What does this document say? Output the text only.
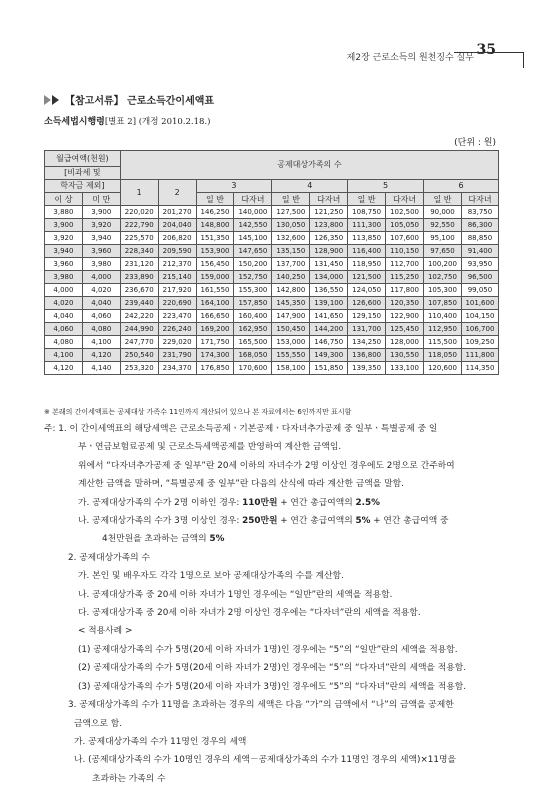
제2장 근로소득의 원천징수 실무 35
【참고서류】 근로소득간이세액표
소득세법시행령[별표 2] (개정 2010.2.18.)
(단위 : 원)
월급여액(천원)		공제대상가족의 수									
[비과세 및											
학자금 제외]		1	2	3		4		5		6	
이 상	미 만			일 반	다자녀	일 반	다자녀	일 반	다자녀	일 반	다자녀
3,880	3,900	220,020	201,270	146,250	140,000	127,500	121,250	108,750	102,500	90,000	83,750
3,900	3,920	222,790	204,040	148,800	142,550	130,050	123,800	111,300	105,050	92,550	86,300
3,920	3,940	225,570	206,820	151,350	145,100	132,600	126,350	113,850	107,600	95,100	88,850
3,940	3,960	228,340	209,590	153,900	147,650	135,150	128,900	116,400	110,150	97,650	91,400
3,960	3,980	231,120	212,370	156,450	150,200	137,700	131,450	118,950	112,700	100,200	93,950
3,980	4,000	233,890	215,140	159,000	152,750	140,250	134,000	121,500	115,250	102,750	96,500
4,000	4,020	236,670	217,920	161,550	155,300	142,800	136,550	124,050	117,800	105,300	99,050
4,020	4,040	239,440	220,690	164,100	157,850	145,350	139,100	126,600	120,350	107,850	101,600
4,040	4,060	242,220	223,470	166,650	160,400	147,900	141,650	129,150	122,900	110,400	104,150
4,060	4,080	244,990	226,240	169,200	162,950	150,450	144,200	131,700	125,450	112,950	106,700
4,080	4,100	247,770	229,020	171,750	165,500	153,000	146,750	134,250	128,000	115,500	109,250
4,100	4,120	250,540	231,790	174,300	168,050	155,550	149,300	136,800	130,550	118,050	111,800
4,120	4,140	253,320	234,370	176,850	170,600	158,100	151,850	139,350	133,100	120,600	114,350
※ 본래의 간이세액표는 공제대상 가족수 11인까지 계산되어 있으나 본 자료에서는 6인까지만 표시함

주: 1. 이 간이세액표의 해당세액은 근로소득공제ㆍ기본공제ㆍ다자녀추가공제 중 일부ㆍ특별공제 중 일

부ㆍ연금보험료공제 및 근로소득세액공제를 반영하여 계산한 금액임.

위에서 “다자녀추가공제 중 일부”란 20세 이하의 자녀수가 2명 이상인 경우에도 2명으로 간주하여

계산한 금액을 말하며, “특별공제 중 일부”란 다음의 산식에 따라 계산한 금액을 말함.

가. 공제대상가족의 수가 2명 이하인 경우: 110만원 + 연간 총급여액의 2.5%

나. 공제대상가족의 수가 3명 이상인 경우: 250만원 + 연간 총급여액의 5% + 연간 총급여액 중

4천만원을 초과하는 금액의 5%

2. 공제대상가족의 수

가. 본인 및 배우자도 각각 1명으로 보아 공제대상가족의 수를 계산함.

나. 공제대상가족 중 20세 이하 자녀가 1명인 경우에는 “일반”란의 세액을 적용함.

다. 공제대상가족 중 20세 이하 자녀가 2명 이상인 경우에는 “다자녀”란의 세액을 적용함.

< 적용사례 >

(1) 공제대상가족의 수가 5명(20세 이하 자녀가 1명)인 경우에는 “5”의 “일반”란의 세액을 적용함.

(2) 공제대상가족의 수가 5명(20세 이하 자녀가 2명)인 경우에는 “5”의 “다자녀”란의 세액을 적용함.

(3) 공제대상가족의 수가 5명(20세 이하 자녀가 3명)인 경우에도 “5”의 “다자녀”란의 세액을 적용함.

3. 공제대상가족의 수가 11명을 초과하는 경우의 세액은 다음 “가”의 금액에서 “나”의 금액을 공제한

금액으로 함.

가. 공제대상가족의 수가 11명인 경우의 세액

나. (공제대상가족의 수가 10명인 경우의 세액－공제대상가족의 수가 11명인 경우의 세액)×11명을

초과하는 가족의 수
